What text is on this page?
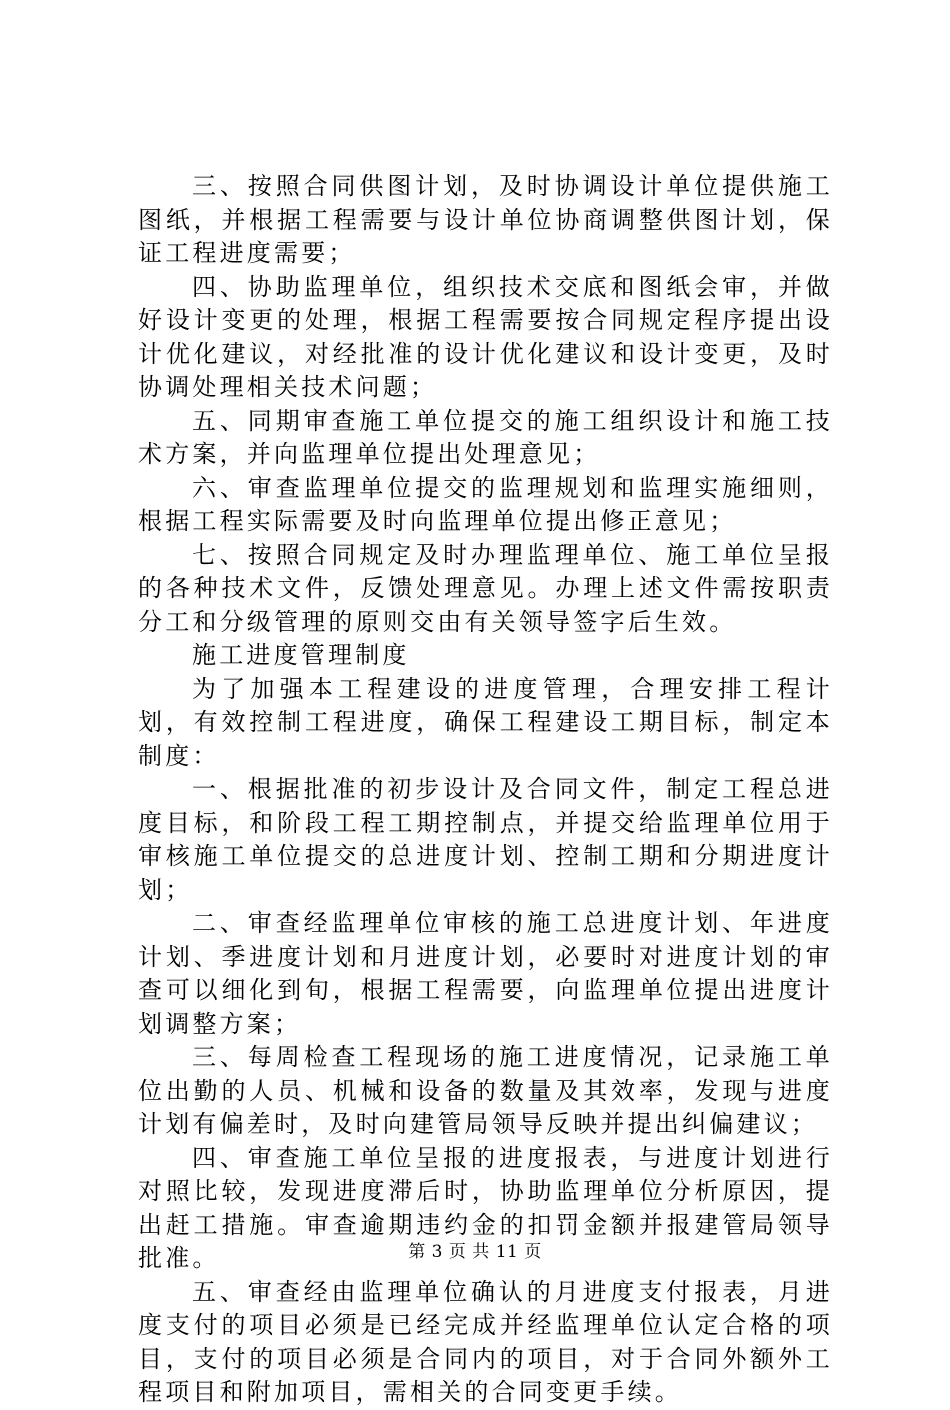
三、按照合同供图计划，及时协调设计单位提供施工图纸，并根据工程需要与设计单位协商调整供图计划，保证工程进度需要；

四、协助监理单位，组织技术交底和图纸会审，并做好设计变更的处理，根据工程需要按合同规定程序提出设计优化建议，对经批准的设计优化建议和设计变更，及时协调处理相关技术问题；

五、同期审查施工单位提交的施工组织设计和施工技术方案，并向监理单位提出处理意见；

六、审查监理单位提交的监理规划和监理实施细则，根据工程实际需要及时向监理单位提出修正意见；

七、按照合同规定及时办理监理单位、施工单位呈报的各种技术文件，反馈处理意见。办理上述文件需按职责分工和分级管理的原则交由有关领导签字后生效。

施工进度管理制度

为了加强本工程建设的进度管理，合理安排工程计划，有效控制工程进度，确保工程建设工期目标，制定本制度：

一、根据批准的初步设计及合同文件，制定工程总进度目标，和阶段工程工期控制点，并提交给监理单位用于审核施工单位提交的总进度计划、控制工期和分期进度计划；

二、审查经监理单位审核的施工总进度计划、年进度计划、季进度计划和月进度计划，必要时对进度计划的审查可以细化到旬，根据工程需要，向监理单位提出进度计划调整方案；

三、每周检查工程现场的施工进度情况，记录施工单位出勤的人员、机械和设备的数量及其效率，发现与进度计划有偏差时，及时向建管局领导反映并提出纠偏建议；

四、审查施工单位呈报的进度报表，与进度计划进行对照比较，发现进度滞后时，协助监理单位分析原因，提出赶工措施。审查逾期违约金的扣罚金额并报建管局领导批准。

五、审查经由监理单位确认的月进度支付报表，月进度支付的项目必须是已经完成并经监理单位认定合格的项目，支付的项目必须是合同内的项目，对于合同外额外工程项目和附加项目，需相关的合同变更手续。

第 3 页 共 11 页
